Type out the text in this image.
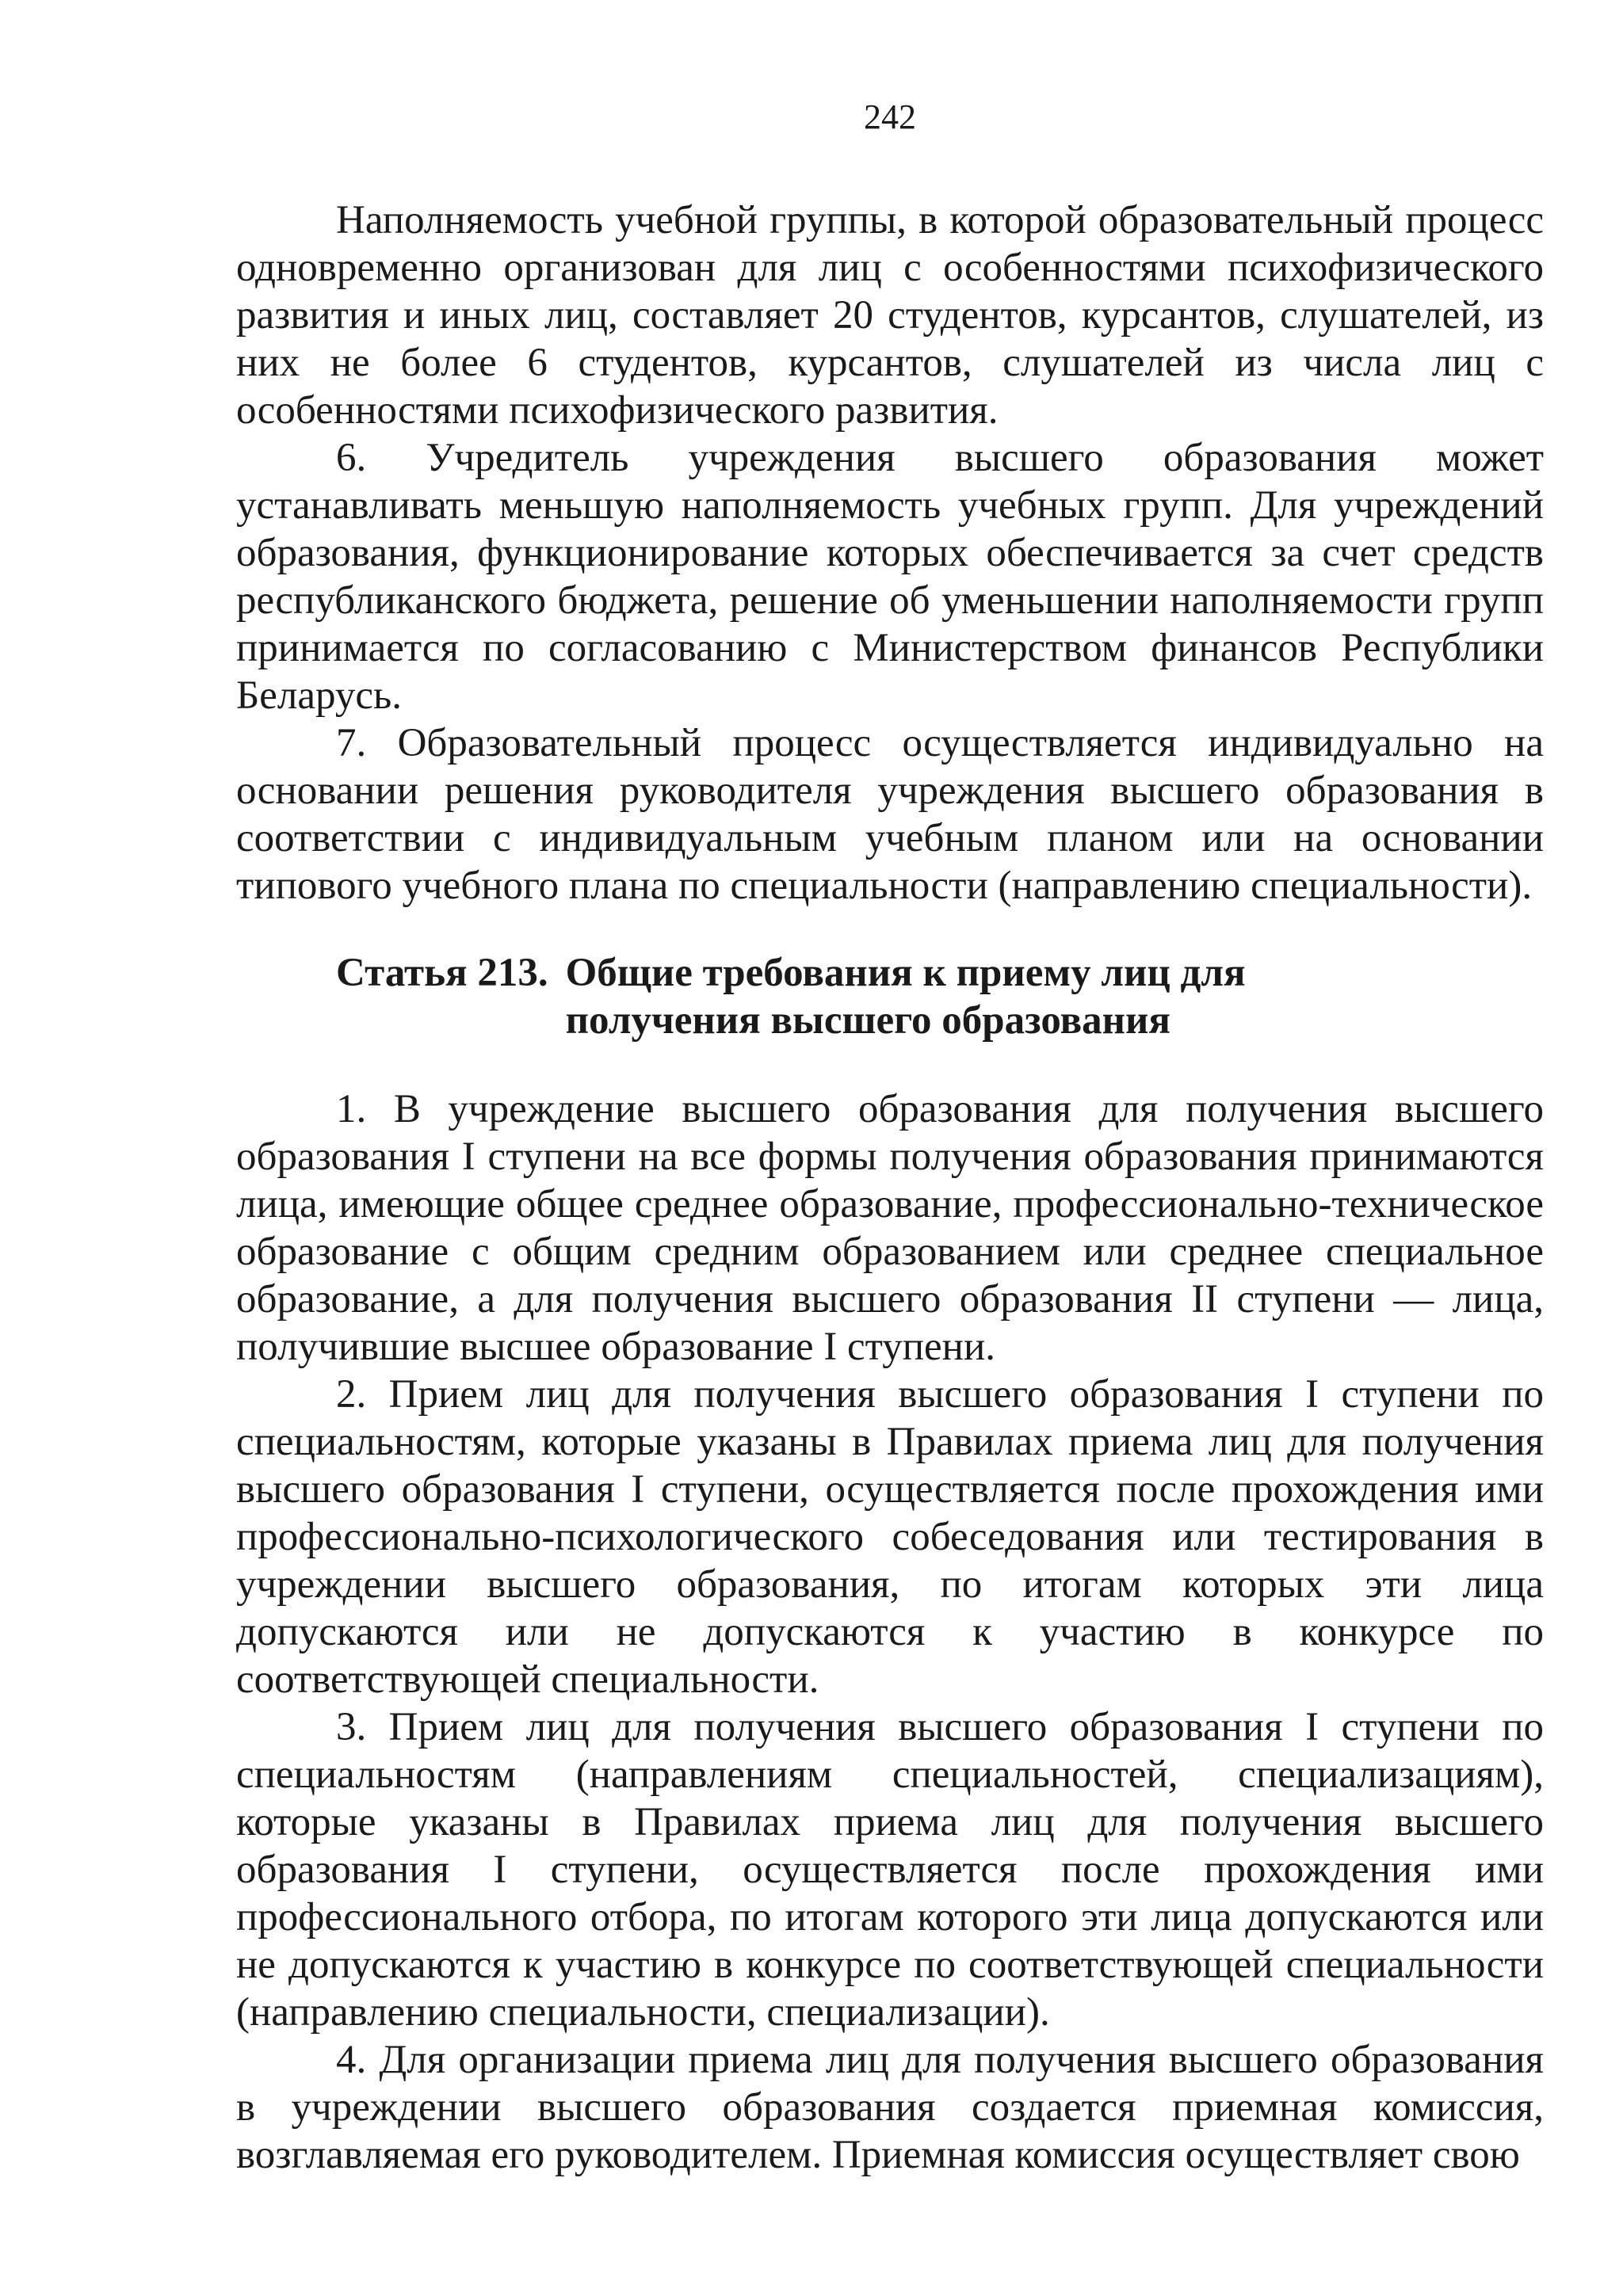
242

Наполняемость учебной группы, в которой образовательный процесс одновременно организован для лиц с особенностями психофизического развития и иных лиц, составляет 20 студентов, курсантов, слушателей, из них не более 6 студентов, курсантов, слушателей из числа лиц с особенностями психофизического развития.

6. Учредитель учреждения высшего образования может устанавливать меньшую наполняемость учебных групп. Для учреждений образования, функционирование которых обеспечивается за счет средств республиканского бюджета, решение об уменьшении наполняемости групп принимается по согласованию с Министерством финансов Республики Беларусь.

7. Образовательный процесс осуществляется индивидуально на основании решения руководителя учреждения высшего образования в соответствии с индивидуальным учебным планом или на основании типового учебного плана по специальности (направлению специальности).

Статья 213. Общие требования к приему лиц для получения высшего образования

1. В учреждение высшего образования для получения высшего образования I ступени на все формы получения образования принимаются лица, имеющие общее среднее образование, профессионально-техническое образование с общим средним образованием или среднее специальное образование, а для получения высшего образования II ступени — лица, получившие высшее образование I ступени.

2. Прием лиц для получения высшего образования I ступени по специальностям, которые указаны в Правилах приема лиц для получения высшего образования I ступени, осуществляется после прохождения ими профессионально-психологического собеседования или тестирования в учреждении высшего образования, по итогам которых эти лица допускаются или не допускаются к участию в конкурсе по соответствующей специальности.

3. Прием лиц для получения высшего образования I ступени по специальностям (направлениям специальностей, специализациям), которые указаны в Правилах приема лиц для получения высшего образования I ступени, осуществляется после прохождения ими профессионального отбора, по итогам которого эти лица допускаются или не допускаются к участию в конкурсе по соответствующей специальности (направлению специальности, специализации).

4. Для организации приема лиц для получения высшего образования в учреждении высшего образования создается приемная комиссия, возглавляемая его руководителем. Приемная комиссия осуществляет свою
